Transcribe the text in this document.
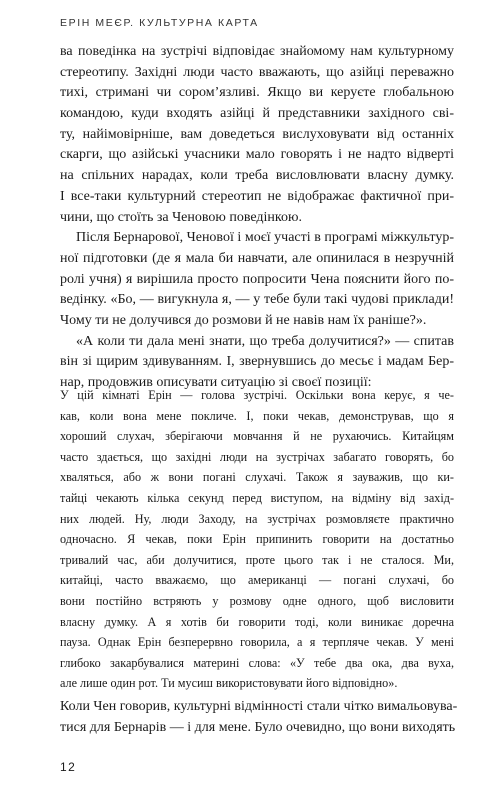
ЕРІН МЕЄР. КУЛЬТУРНА КАРТА
ва поведінка на зустрічі відповідає знайомому нам культурному
стереотипу. Західні люди часто вважають, що азійці переважно
тихі, стримані чи сором’язливі. Якщо ви керуєте глобальною
командою, куди входять азійці й представники західного сві-
ту, найімовірніше, вам доведеться вислуховувати від останніх
скарги, що азійські учасники мало говорять і не надто відверті
на спільних нарадах, коли треба висловлювати власну думку.
І все-таки культурний стереотип не відображає фактичної при-
чини, що стоїть за Ченовою поведінкою.
Після Бернарової, Ченової і моєї участі в програмі міжкультур-
ної підготовки (де я мала би навчати, але опинилася в незручній
ролі учня) я вирішила просто попросити Чена пояснити його по-
ведінку. «Бо, — вигукнула я, — у тебе були такі чудові приклади!
Чому ти не долучився до розмови й не навів нам їх раніше?».
«А коли ти дала мені знати, що треба долучитися?» — спитав
він зі щирим здивуванням. І, звернувшись до месьє і мадам Бер-
нар, продовжив описувати ситуацію зі своєї позиції:
У цій кімнаті Ерін — голова зустрічі. Оскільки вона керує, я че-
кав, коли вона мене покличе. І, поки чекав, демонстрував, що я
хороший слухач, зберігаючи мовчання й не рухаючись. Китайцям
часто здається, що західні люди на зустрічах забагато говорять, бо
хваляться, або ж вони погані слухачі. Також я зауважив, що ки-
тайці чекають кілька секунд перед виступом, на відміну від захід-
них людей. Ну, люди Заходу, на зустрічах розмовляєте практично
одночасно. Я чекав, поки Ерін припинить говорити на достатньо
тривалий час, аби долучитися, проте цього так і не сталося. Ми,
китайці, часто вважаємо, що американці — погані слухачі, бо
вони постійно встряють у розмову одне одного, щоб висловити
власну думку. А я хотів би говорити тоді, коли виникає доречна
пауза. Однак Ерін безперервно говорила, а я терпляче чекав. У мені
глибоко закарбувалися материні слова: «У тебе два ока, два вуха,
але лише один рот. Ти мусиш використовувати його відповідно».
Коли Чен говорив, культурні відмінності стали чітко вимальовува-
тися для Бернарів — і для мене. Було очевидно, що вони виходять
12
